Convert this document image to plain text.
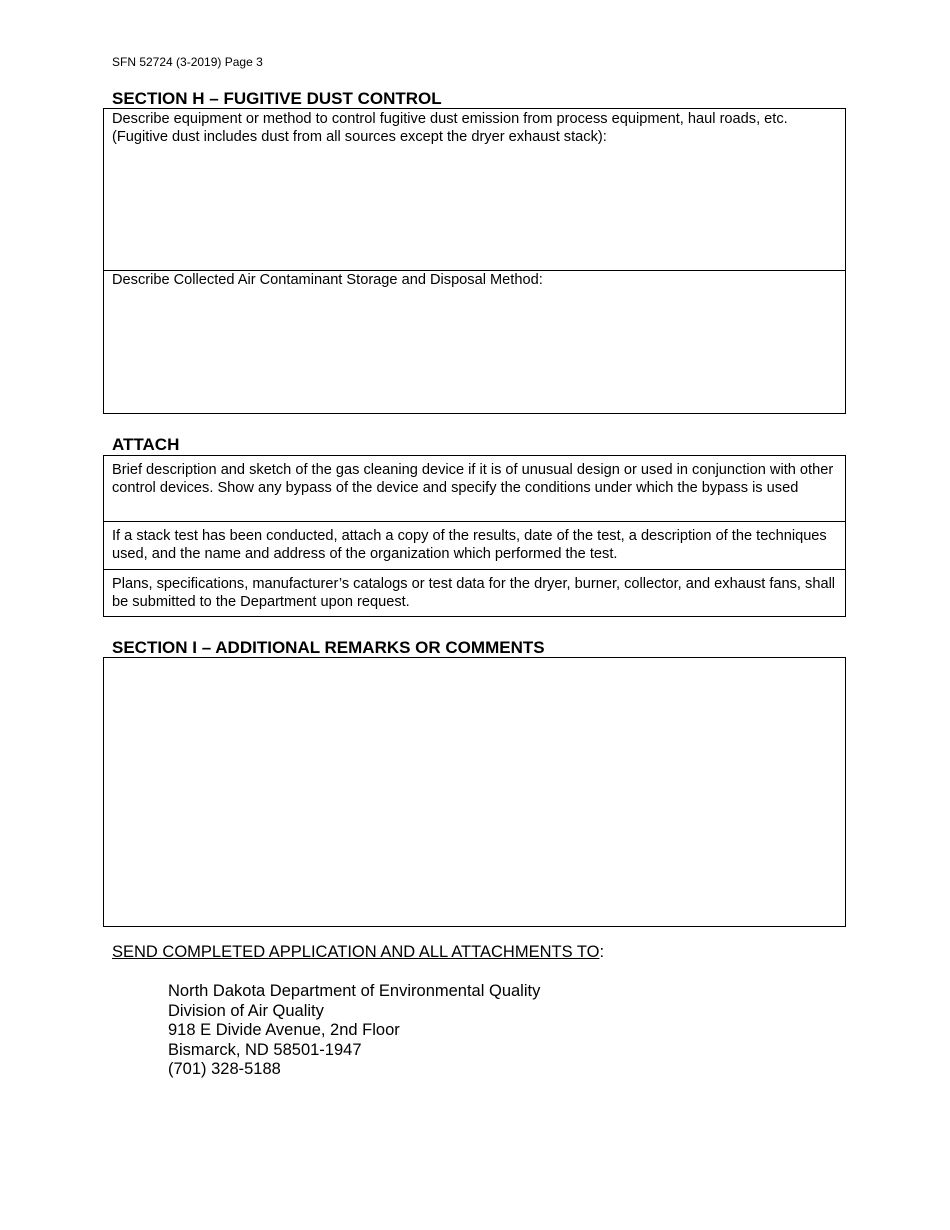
SFN 52724 (3-2019) Page 3
SECTION H – FUGITIVE DUST CONTROL
Describe equipment or method to control fugitive dust emission from process equipment, haul roads, etc. (Fugitive dust includes dust from all sources except the dryer exhaust stack):
Describe Collected Air Contaminant Storage and Disposal Method:
ATTACH
Brief description and sketch of the gas cleaning device if it is of unusual design or used in conjunction with other control devices. Show any bypass of the device and specify the conditions under which the bypass is used
If a stack test has been conducted, attach a copy of the results, date of the test, a description of the techniques used, and the name and address of the organization which performed the test.
Plans, specifications, manufacturer’s catalogs or test data for the dryer, burner, collector, and exhaust fans, shall be submitted to the Department upon request.
SECTION I – ADDITIONAL REMARKS OR COMMENTS
SEND COMPLETED APPLICATION AND ALL ATTACHMENTS TO:
North Dakota Department of Environmental Quality
Division of Air Quality
918 E Divide Avenue, 2nd Floor
Bismarck, ND 58501-1947
(701) 328-5188
